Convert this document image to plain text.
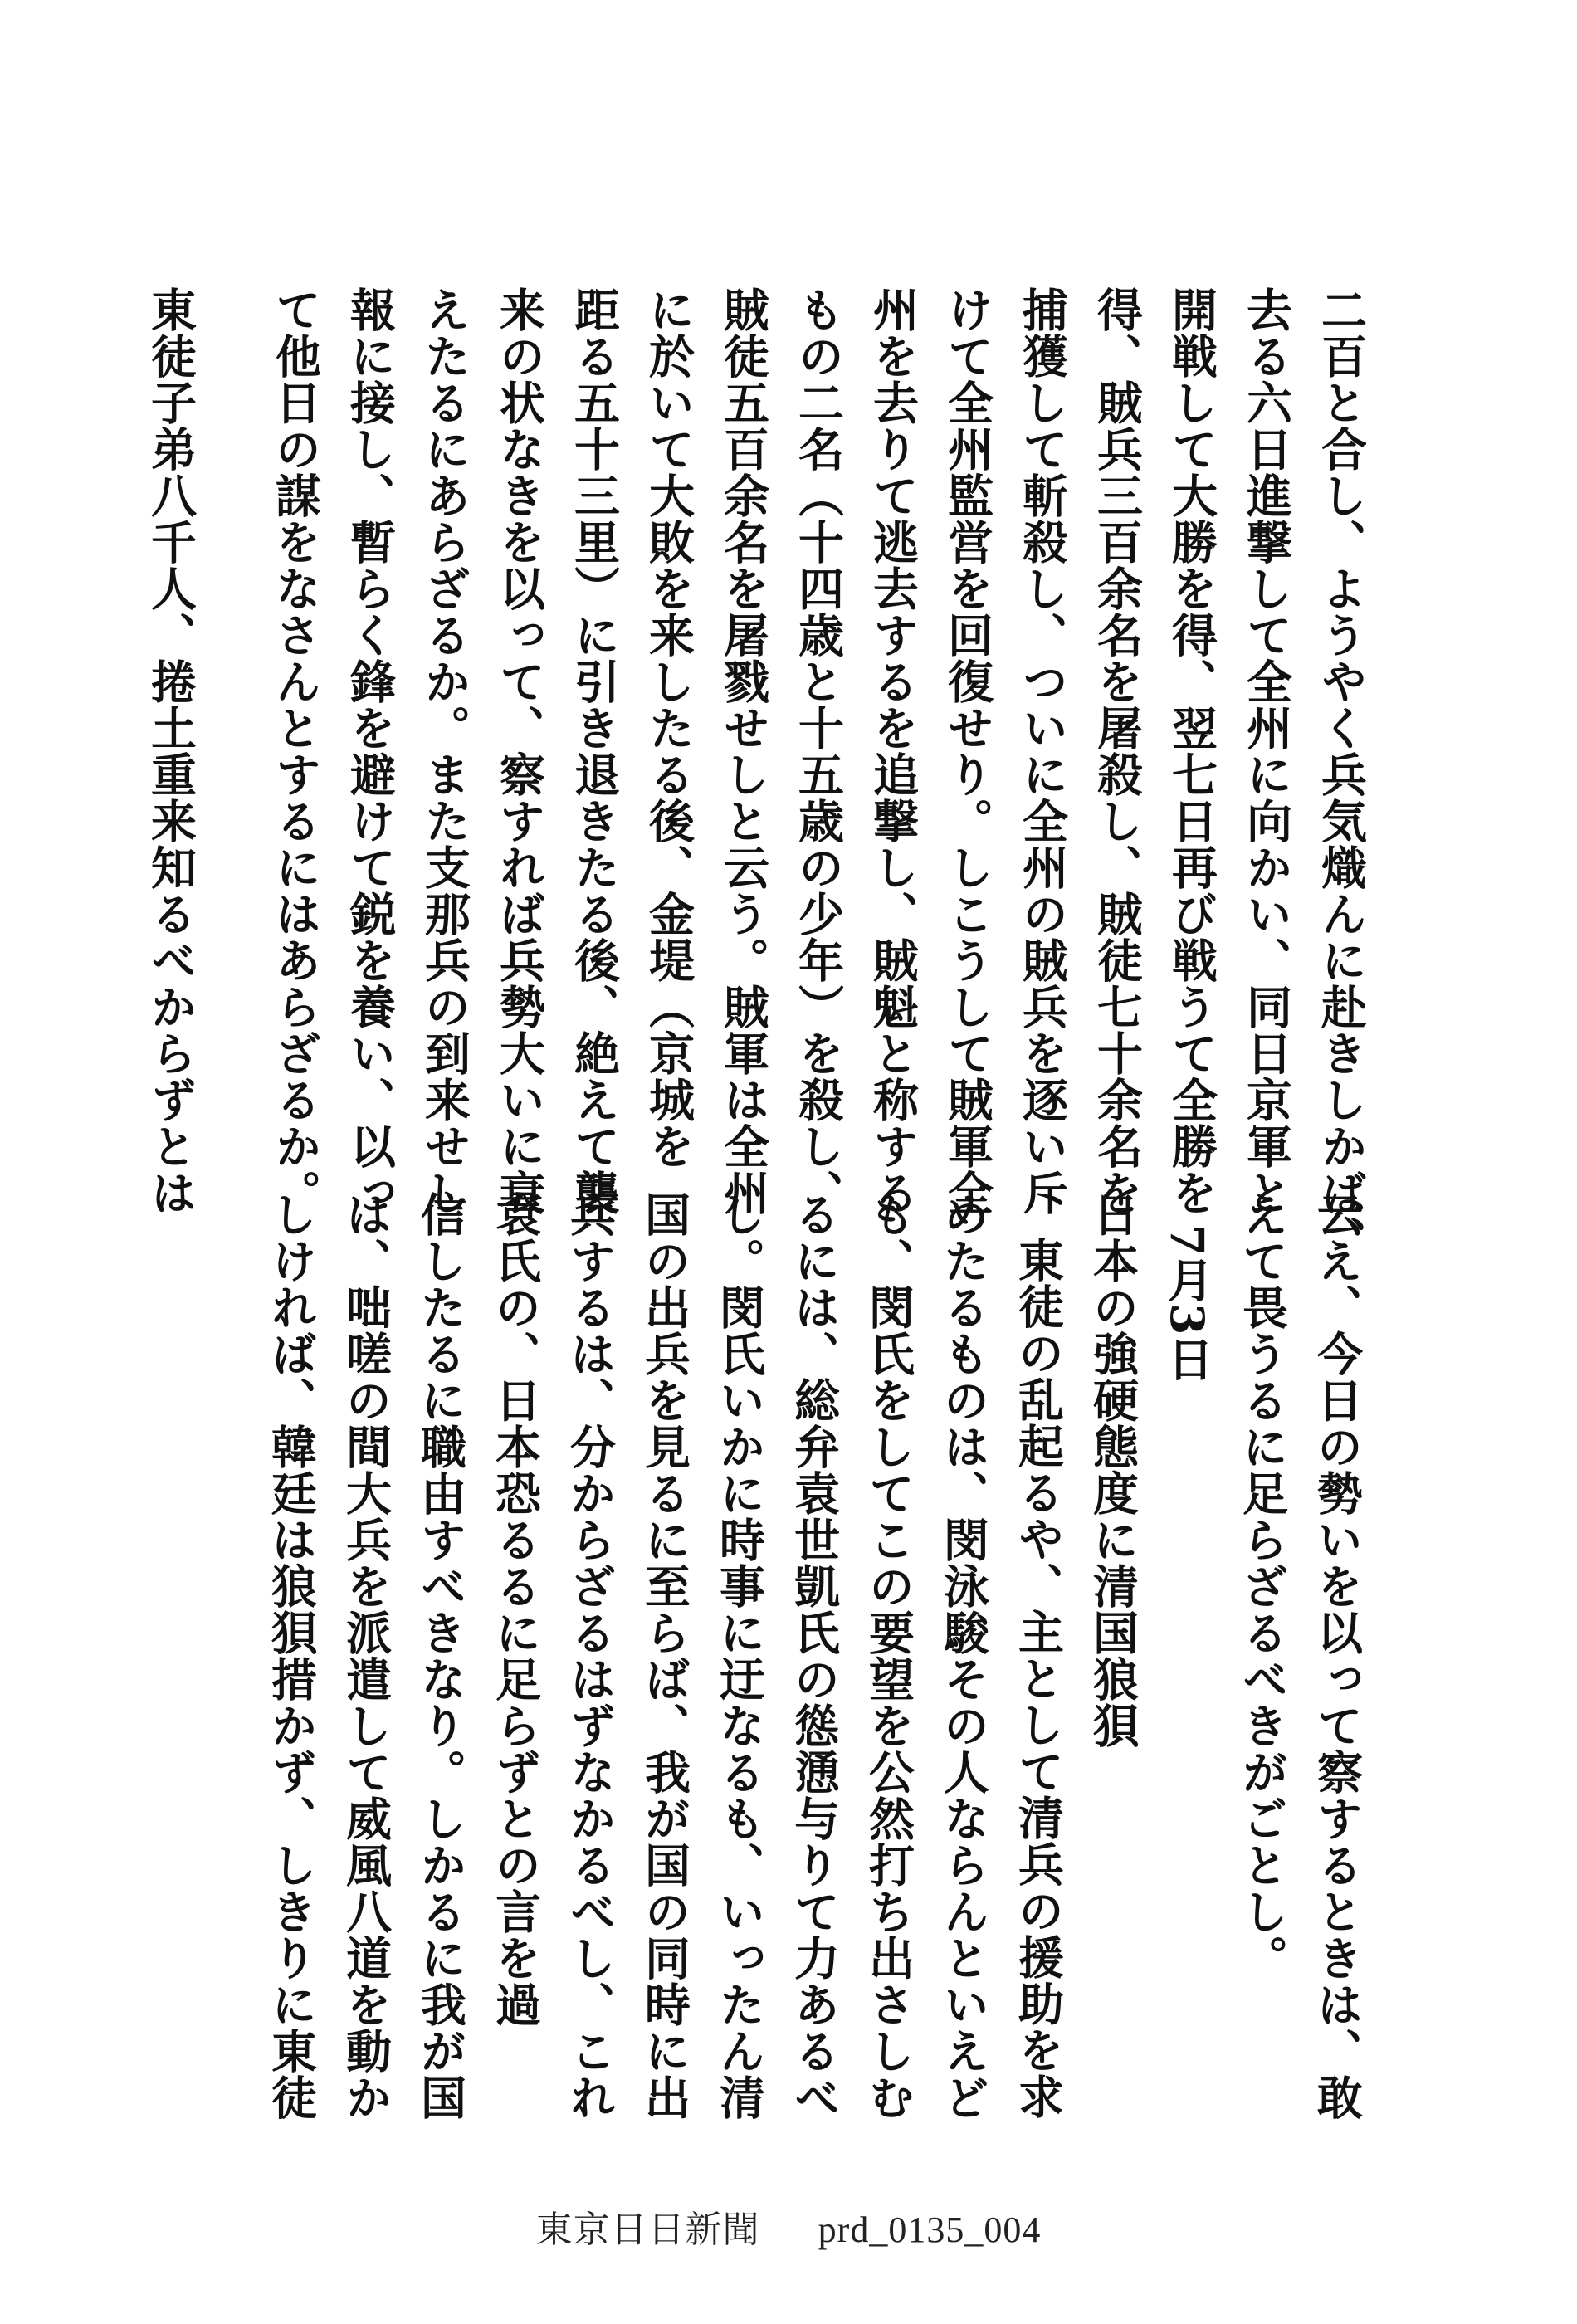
二百と合し、ようやく兵気熾んに赴きしかば、
去る六日進撃して全州に向かい、同日京軍と
開戦して大勝を得、翌七日再び戦うて全勝を
得、賊兵三百余名を屠殺し、賊徒七十余名を
捕獲して斬殺し、ついに全州の賊兵を逐い斥
けて全州監営を回復せり。しこうして賊軍全
州を去りて逃去するを追撃し、賊魁と称する
もの二名（十四歳と十五歳の少年）を殺し、
賊徒五百余名を屠戮せしと云う。賊軍は全州
に於いて大敗を来したる後、金堤（京城を
距る五十三里）に引き退きたる後、絶えて襲
来の状なきを以って、察すれば兵勢大いに衰
えたるにあらざるか。また支那兵の到来せし
報に接し、暫らく鋒を避けて鋭を養い、以っ
て他日の謀をなさんとするにはあらざるか。
東徒子弟八千人、捲土重来知るべからずとは
云え、今日の勢いを以って察するときは、敢
えて畏うるに足らざるべきがごとし。
7月3日
日本の強硬態度に清国狼狽
東徒の乱起るや、主として清兵の援助を求
めたるものは、閔泳駿その人ならんといえど
も、閔氏をしてこの要望を公然打ち出さしむ
るには、総弁袁世凱氏の慫慂与りて力あるべ
し。閔氏いかに時事に迂なるも、いったん清
国の出兵を見るに至らば、我が国の同時に出
兵するは、分からざるはずなかるべし、これ
袁氏の、日本恐るるに足らずとの言を過
信したるに職由すべきなり。しかるに我が国
は、咄嗟の間大兵を派遣して威風八道を動か
しければ、韓廷は狼狽措かず、しきりに東徒
東京日日新聞 prd_0135_004
